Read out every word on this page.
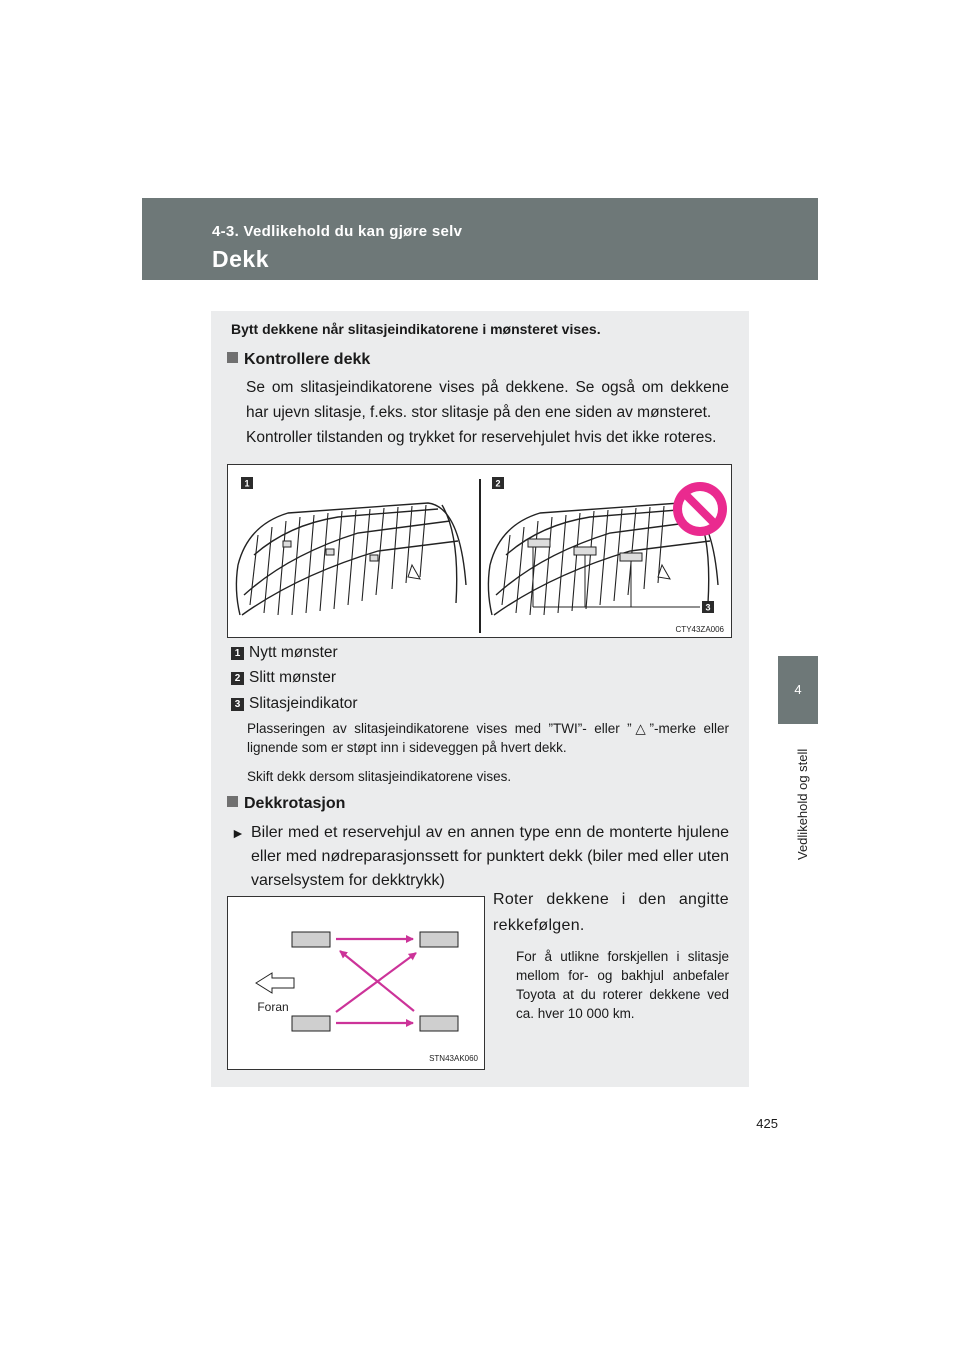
4-3. Vedlikehold du kan gjøre selv
Dekk
4
Vedlikehold og stell
Bytt dekkene når slitasjeindikatorene i mønsteret vises.
Kontrollere dekk
Se om slitasjeindikatorene vises på dekkene. Se også om dekkene har ujevn slitasje, f.eks. stor slitasje på den ene siden av mønsteret.
Kontroller tilstanden og trykket for reservehjulet hvis det ikke roteres.
1	2
3
CTY43ZA006
1 Nytt mønster
2 Slitt mønster
3 Slitasjeindikator
Plasseringen av slitasjeindikatorene vises med ”TWI”- eller ”△”-merke eller lignende som er støpt inn i sideveggen på hvert dekk.
Skift dekk dersom slitasjeindikatorene vises.
Dekkrotasjon
► Biler med et reservehjul av en annen type enn de monterte hjulene eller med nødreparasjonssett for punktert dekk (biler med eller uten varselsystem for dekktrykk)
Foran
STN43AK060
Roter dekkene i den angitte rekkefølgen.
For å utlikne forskjellen i slitasje mellom for- og bakhjul anbefaler Toyota at du roterer dekkene ved ca. hver 10 000 km.
425
